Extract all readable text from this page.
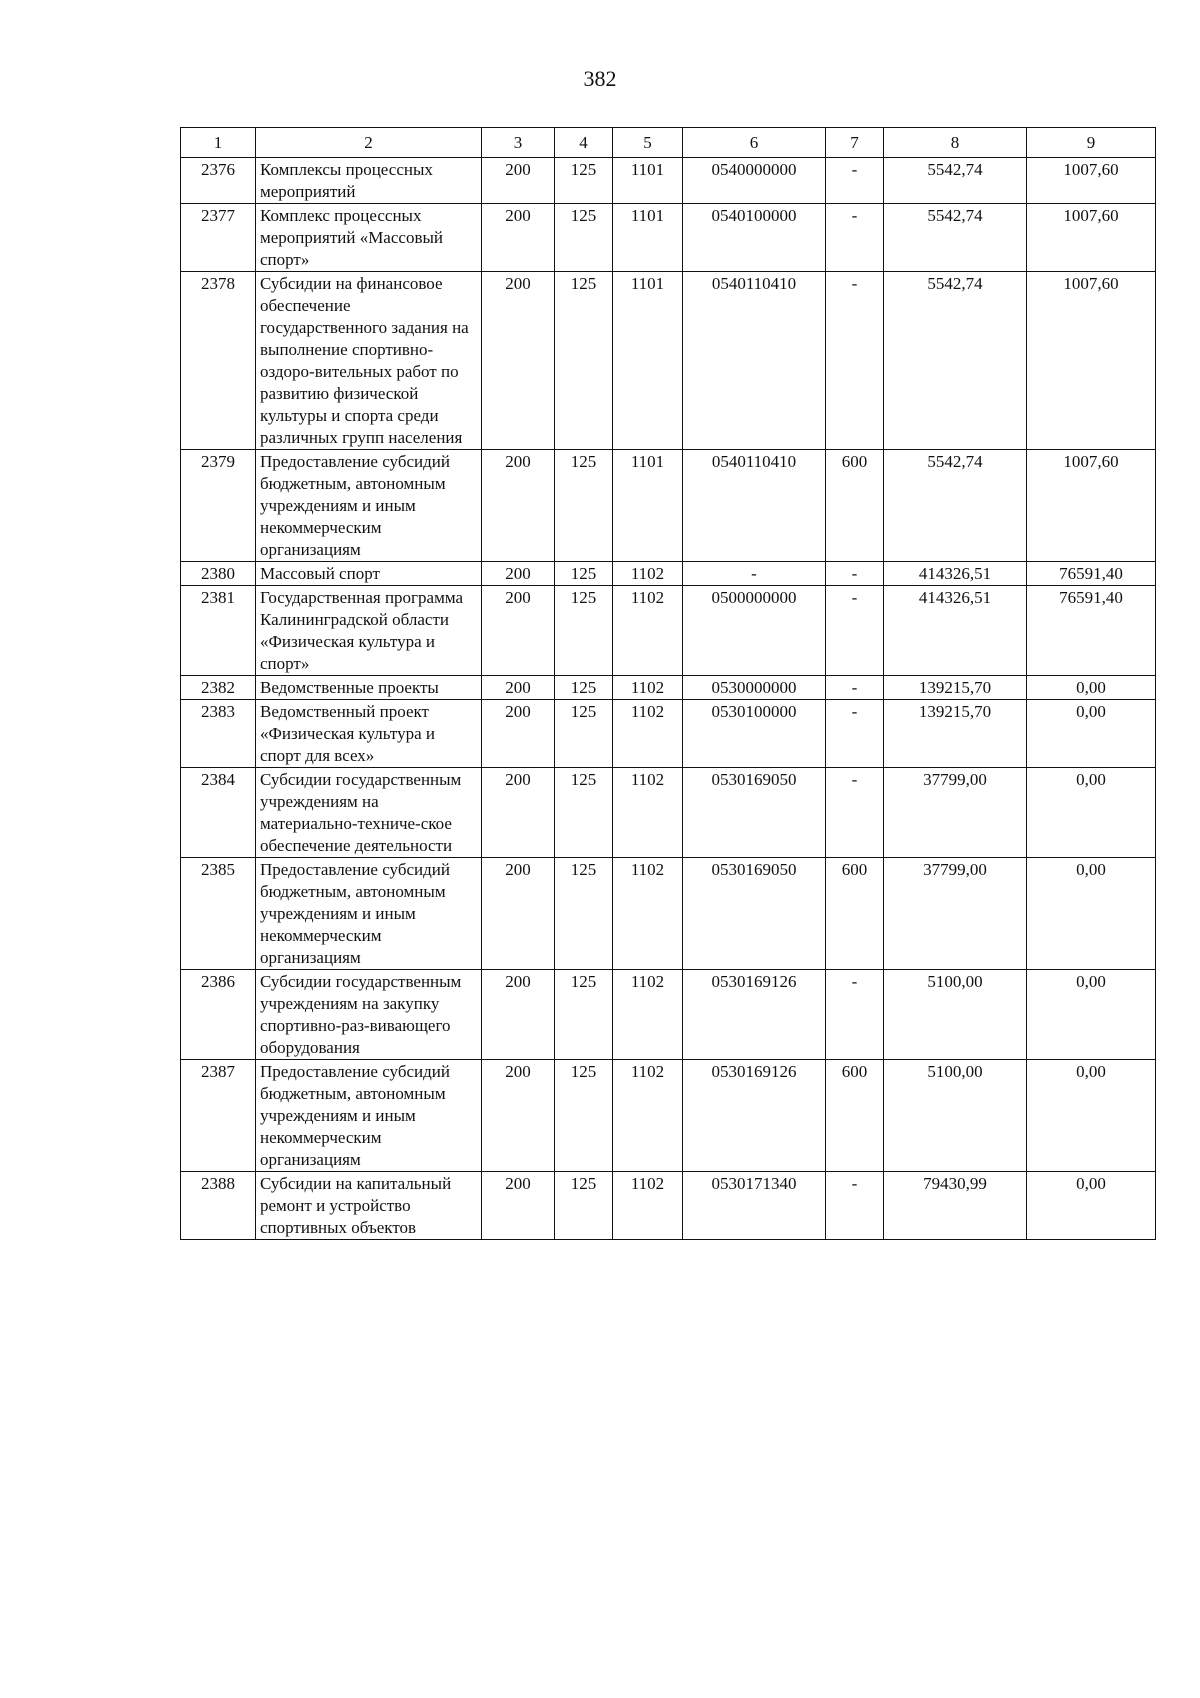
382
1	2	3	4	5	6	7	8	9
2376	Комплексы процессных мероприятий	200	125	1101	0540000000	-	5542,74	1007,60
2377	Комплекс процессных мероприятий «Массовый спорт»	200	125	1101	0540100000	-	5542,74	1007,60
2378	Субсидии на финансовое обеспечение государственного задания на выполнение спортивно-оздоро-вительных работ по развитию физической культуры и спорта среди различных групп населения	200	125	1101	0540110410	-	5542,74	1007,60
2379	Предоставление субсидий бюджетным, автономным учреждениям и иным некоммерческим организациям	200	125	1101	0540110410	600	5542,74	1007,60
2380	Массовый спорт	200	125	1102	-	-	414326,51	76591,40
2381	Государственная программа Калининградской области «Физическая культура и спорт»	200	125	1102	0500000000	-	414326,51	76591,40
2382	Ведомственные проекты	200	125	1102	0530000000	-	139215,70	0,00
2383	Ведомственный проект «Физическая культура и спорт для всех»	200	125	1102	0530100000	-	139215,70	0,00
2384	Субсидии государственным учреждениям на материально-техниче-ское обеспечение деятельности	200	125	1102	0530169050	-	37799,00	0,00
2385	Предоставление субсидий бюджетным, автономным учреждениям и иным некоммерческим организациям	200	125	1102	0530169050	600	37799,00	0,00
2386	Субсидии государственным учреждениям на закупку спортивно-раз-вивающего оборудования	200	125	1102	0530169126	-	5100,00	0,00
2387	Предоставление субсидий бюджетным, автономным учреждениям и иным некоммерческим организациям	200	125	1102	0530169126	600	5100,00	0,00
2388	Субсидии на капитальный ремонт и устройство спортивных объектов	200	125	1102	0530171340	-	79430,99	0,00
